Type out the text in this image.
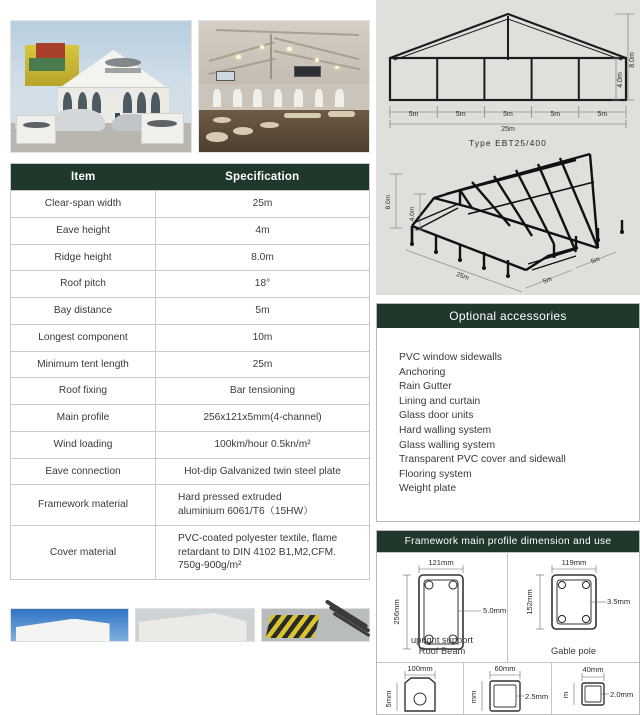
Item	Specification
Clear-span width	25m
Eave height	4m
Ridge height	8.0m
Roof pitch	18°
Bay distance	5m
Longest component	10m
Minimum tent length	25m
Roof fixing	Bar tensioning
Main profile	256x121x5mm(4-channel)
Wind loading	100km/hour 0.5kn/m²
Eave connection	Hot-dip Galvanized twin steel plate
Framework material	Hard pressed extruded
aluminium 6061/T6（15HW）
Cover material	PVC-coated polyester textile, flame
retardant to DIN 4102 B1,M2,CFM.
750g-900g/m²
5m	5m	5m	5m	5m
25m
8.0m
4.0m
Type EBT25/400
8.0m
4.0m
25m	5m
5m
Optional accessories
PVC window sidewalls
Anchoring
Rain Gutter
Lining and curtain
Glass door units
Hard walling system
Glass walling system
Transparent PVC cover and sidewall
Flooring system
Weight plate
Framework main profile dimension and use
121mm
256mm	5.0mm
upright support
Roof Beam
119mm
152mm	3.5mm
Gable pole
100mm
5mm
60mm
mm	2.5mm
40mm
m	2.0mm
